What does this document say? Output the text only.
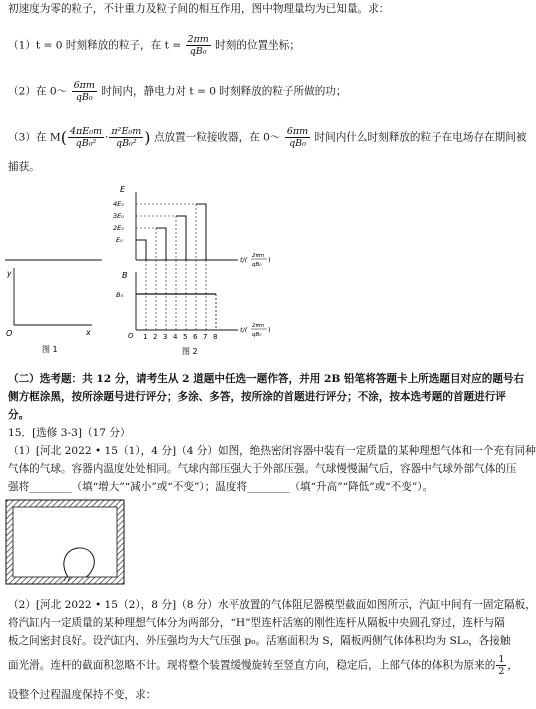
初速度为零的粒子，不计重力及粒子间的相互作用，图中物理量均为已知量。求：
（1）t = 0 时刻释放的粒子，在 $t = \frac{2\pi m}{\text{qB₀}}$ 时刻的位置坐标；
（2）在 0～ $\frac{6\pi m}{\text{qB₀}}$ 时间内，静电力对 t = 0 时刻释放的粒子所做的功；
（3）在 $M( \frac{\text{4πE₀m}}{\text{qB₀²}} \cdot \frac{\text{π²E₀m}}{\text{qB₀²}}$ ) 点放置一粒接收器，在 0～ $\frac{6\pi m}{\text{qB₀}}$ 时间内什么时刻释放的粒子在电场存在期间被
捕获。
y
x
O
图 1
E
4E₀
3E₀
2E₀
E₀
t/( 2πm
qB₀
)
B
B₀
O 1 2 3 4 5 6 7 8
t/( 2πm
qB₀
)
图 2
（二）选考题：共 12 分，请考生从 2 道题中任选一题作答，并用 2B 铅笔将答题卡上所选题目对应的题号右
侧方框涂黑，按所涂题号进行评分；多涂、多答，按所涂的首题进行评分；不涂，按本选考题的首题进行评
分。
15．[选修 3-3]（17 分）
（1）[河北 2022 • 15（1），4 分]（4 分）如图，绝热密闭容器中装有一定质量的某种理想气体和一个充有同种
气体的气球。容器内温度处处相同。气球内部压强大于外部压强。气球慢慢漏气后，容器中气球外部气体的压
强将________（填“增大”“减小”或“不变”）；温度将________（填“升高”“降低”或“不变”）。
（2）[河北 2022 • 15（2），8 分]（8 分）水平放置的气体阻尼器模型截面如图所示，汽缸中间有一固定隔板，
将汽缸内一定质量的某种理想气体分为两部分，“H”型连杆活塞的刚性连杆从隔板中央圆孔穿过，连杆与隔
板之间密封良好。设汽缸内、外压强均为大气压强 p₀。活塞面积为 S，隔板两侧气体体积均为 SL₀，各接触
面光滑。连杆的截面积忽略不计。现将整个装置缓慢旋转至竖直方向，稳定后，上部气体的体积为原来的 $\frac{1}{2}$ ，
设整个过程温度保持不变，求：
